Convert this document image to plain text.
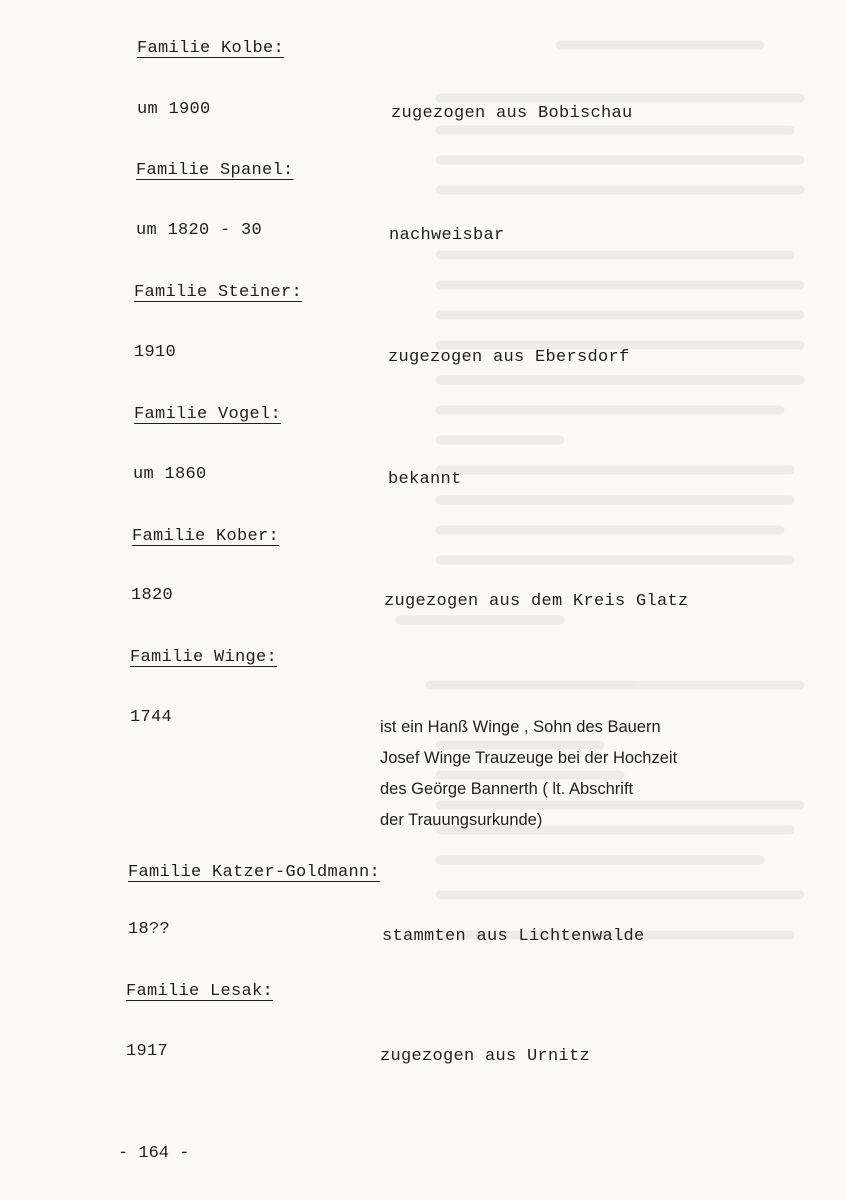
Familie Kolbe:
um 1900	zugezogen aus Bobischau
Familie Spanel:
um 1820 - 30	nachweisbar
Familie Steiner:
1910	zugezogen aus Ebersdorf
Familie Vogel:
um 1860	bekannt
Familie Kober:
1820	zugezogen aus dem Kreis Glatz
Familie Winge:
1744	ist ein Hanß Winge , Sohn des Bauern
Josef Winge Trauzeuge bei der Hochzeit
des Geörge Bannerth ( lt. Abschrift
der Trauungsurkunde)
Familie Katzer-Goldmann:
18??	stammten aus Lichtenwalde
Familie Lesak:
1917	zugezogen aus Urnitz
- 164 -
